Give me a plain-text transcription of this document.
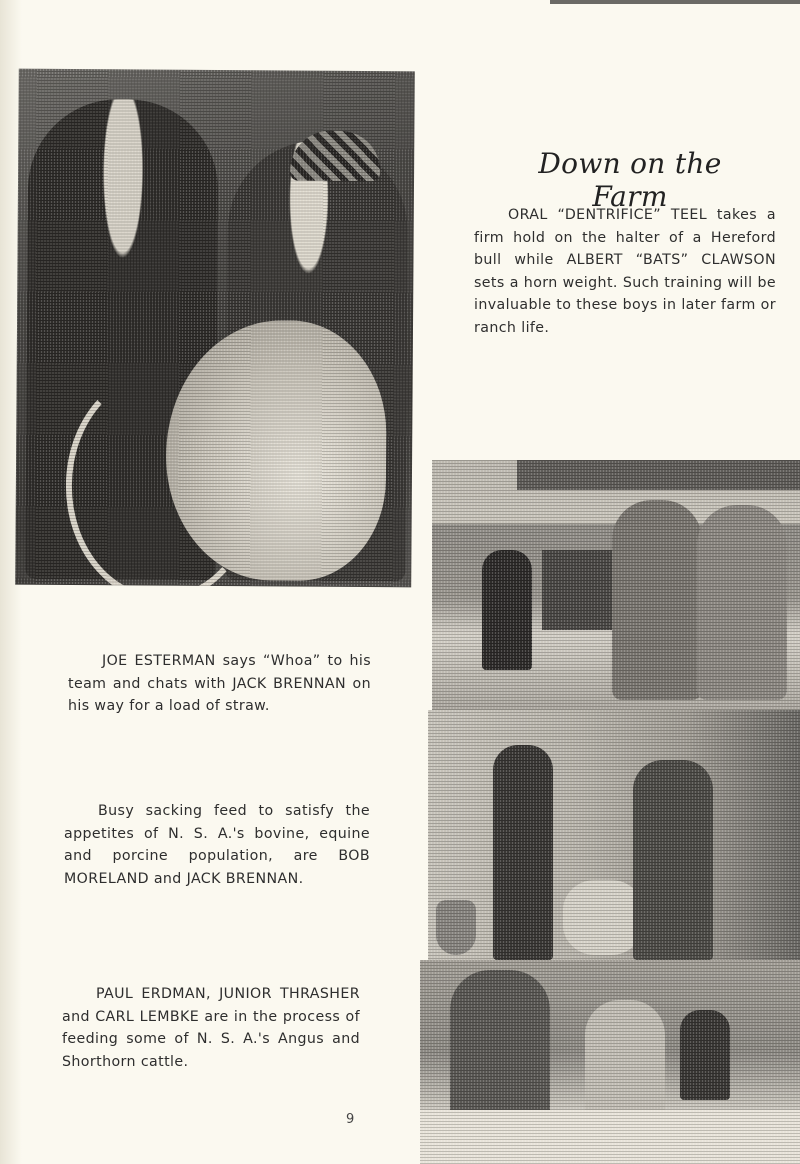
Down on the Farm

ORAL “DENTRIFICE” TEEL takes a firm hold on the halter of a Hereford bull while ALBERT “BATS” CLAWSON sets a horn weight. Such training will be invaluable to these boys in later farm or ranch life.

JOE ESTERMAN says “Whoa” to his team and chats with JACK BRENNAN on his way for a load of straw.

Busy sacking feed to satisfy the appetites of N. S. A.'s bovine, equine and porcine population, are BOB MORELAND and JACK BRENNAN.

PAUL ERDMAN, JUNIOR THRASHER and CARL LEMBKE are in the process of feeding some of N. S. A.'s Angus and Shorthorn cattle.

9
